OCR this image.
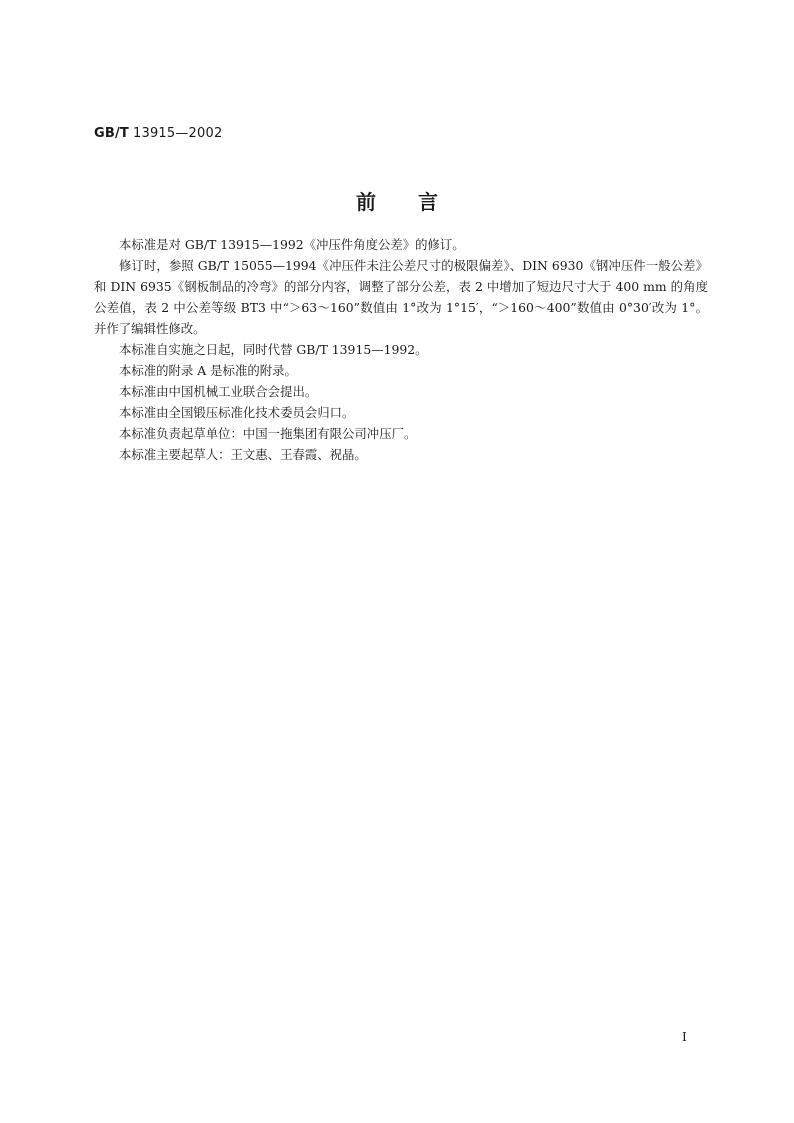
GB/T 13915—2002
前言

本标准是对 GB/T 13915—1992《冲压件角度公差》的修订。

修订时，参照 GB/T 15055—1994《冲压件未注公差尺寸的极限偏差》、DIN 6930《钢冲压件一般公差》和 DIN 6935《钢板制品的冷弯》的部分内容，调整了部分公差，表 2 中增加了短边尺寸大于 400 mm 的角度公差值，表 2 中公差等级 BT3 中“＞63～160”数值由 1°改为 1°15′，“＞160～400”数值由 0°30′改为 1°。并作了编辑性修改。

本标准自实施之日起，同时代替 GB/T 13915—1992。

本标准的附录 A 是标准的附录。

本标准由中国机械工业联合会提出。

本标准由全国锻压标准化技术委员会归口。

本标准负责起草单位：中国一拖集团有限公司冲压厂。

本标准主要起草人：王文惠、王春霞、祝晶。

I
